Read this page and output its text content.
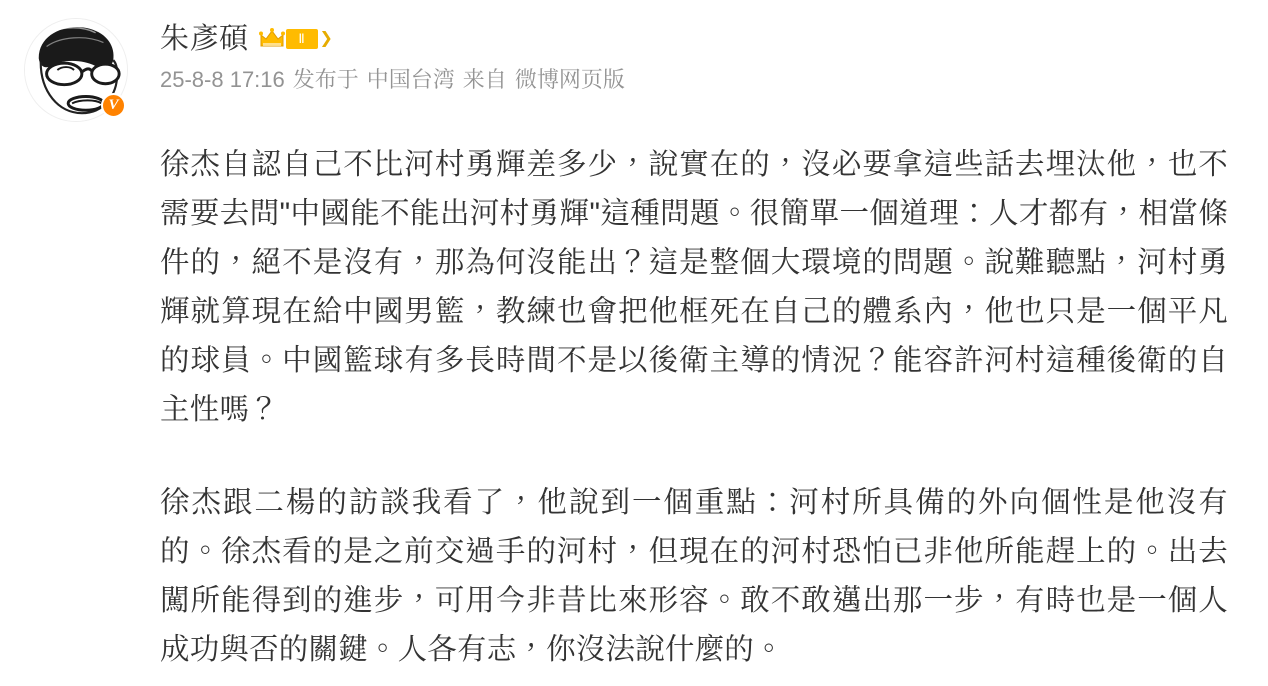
V
朱彥碩	Ⅱ ❯
25-8-8 17:16 发布于 中国台湾 来自 微博网页版
徐杰自認自己不比河村勇輝差多少，說實在的，沒必要拿這些話去埋汰他，也不需要去問"中國能不能出河村勇輝"這種問題。很簡單一個道理：人才都有，相當條件的，絕不是沒有，那為何沒能出？這是整個大環境的問題。說難聽點，河村勇輝就算現在給中國男籃，教練也會把他框死在自己的體系內，他也只是一個平凡的球員。中國籃球有多長時間不是以後衛主導的情況？能容許河村這種後衛的自主性嗎？
徐杰跟二楊的訪談我看了，他說到一個重點：河村所具備的外向個性是他沒有的。徐杰看的是之前交過手的河村，但現在的河村恐怕已非他所能趕上的。出去闖所能得到的進步，可用今非昔比來形容。敢不敢邁出那一步，有時也是一個人成功與否的關鍵。人各有志，你沒法說什麼的。
